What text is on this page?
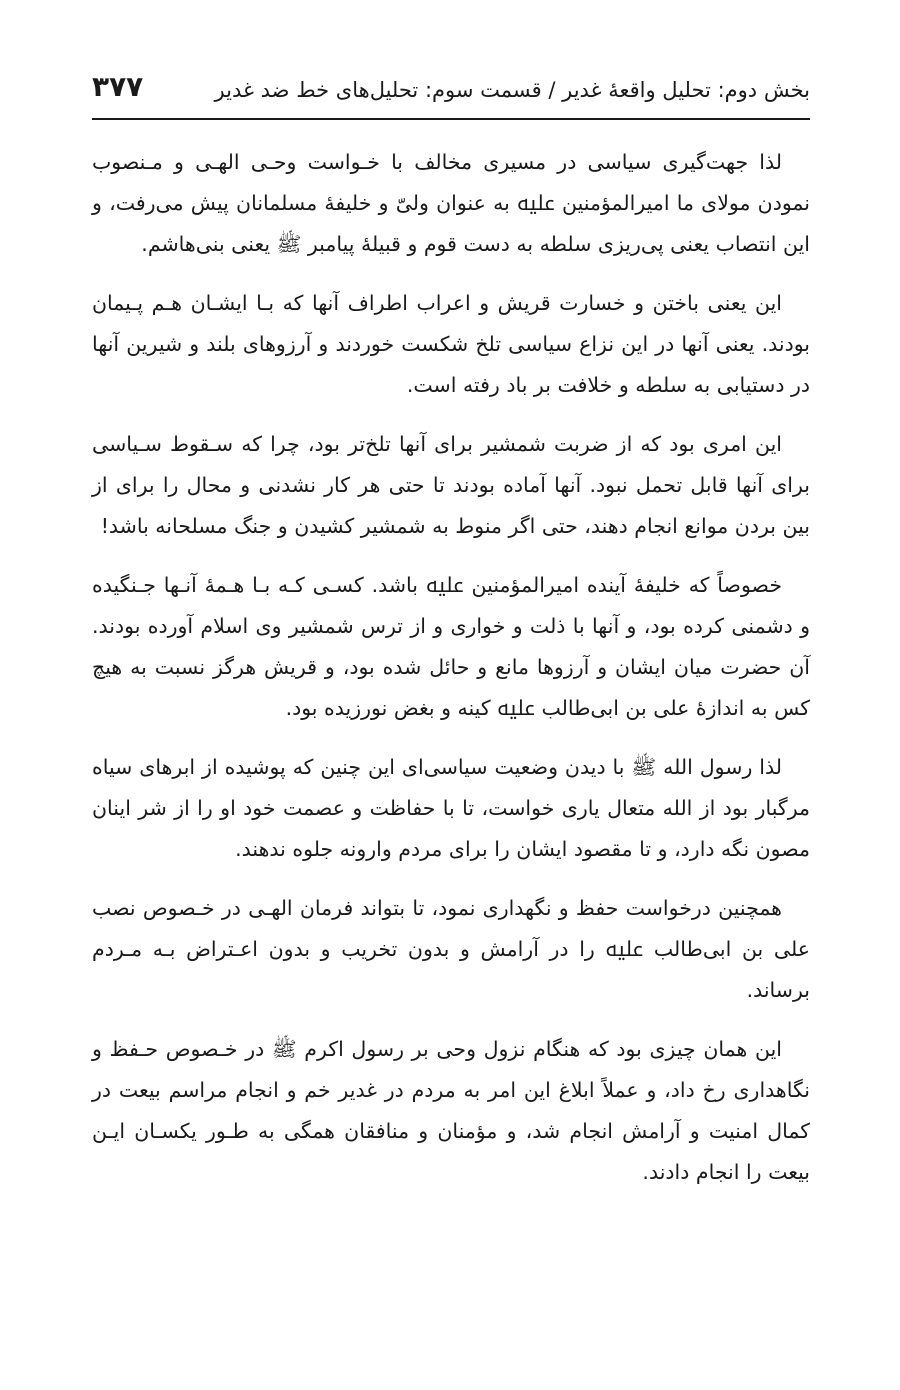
بخش دوم: تحلیل واقعهٔ غدیر / قسمت سوم: تحلیل‌های خط ضد غدیر
۳۷۷

لذا جهت‌گیری سیاسی در مسیری مخالف با خـواست وحـی الهـی و مـنصوب نمودن مولای ما امیرالمؤمنین ﷷ به عنوان ولیّ و خلیفهٔ مسلمانان پیش می‌رفت، و این انتصاب یعنی پی‌ریزی سلطه به دست قوم و قبیلهٔ پیامبر ﷺ یعنی بنی‌هاشم.

این یعنی باختن و خسارت قریش و اعراب اطراف آنها که بـا ایشـان هـم پـیمان بودند. یعنی آنها در این نزاع سیاسی تلخ شکست خوردند و آرزوهای بلند و شیرین آنها در دستیابی به سلطه و خلافت بر باد رفته است.

این امری بود که از ضربت شمشیر برای آنها تلخ‌تر بود، چرا که سـقوط سـیاسی برای آنها قابل تحمل نبود. آنها آماده بودند تا حتی هر کار نشدنی و محال را برای از بین بردن موانع انجام دهند، حتی اگر منوط به شمشیر کشیدن و جنگ مسلحانه باشد!

خصوصاً که خلیفهٔ آینده امیرالمؤمنین ﷷ باشد. کسـی کـه بـا هـمهٔ آنـها جـنگیده و دشمنی کرده بود، و آنها با ذلت و خواری و از ترس شمشیر وی اسلام آورده بودند. آن حضرت میان ایشان و آرزوها مانع و حائل شده بود، و قریش هرگز نسبت به هیچ کس به اندازهٔ علی بن ابی‌طالب ﷷ کینه و بغض نورزیده بود.

لذا رسول الله ﷺ با دیدن وضعیت سیاسی‌ای این چنین که پوشیده از ابرهای سیاه مرگبار بود از الله متعال یاری خواست، تا با حفاظت و عصمت خود او را از شر اینان مصون نگه دارد، و تا مقصود ایشان را برای مردم وارونه جلوه ندهند.

همچنین درخواست حفظ و نگهداری نمود، تا بتواند فرمان الهـی در خـصوص نصب علی بن ابی‌طالب ﷷ را در آرامش و بدون تخریب و بدون اعـتراض بـه مـردم برساند.

این همان چیزی بود که هنگام نزول وحی بر رسول اکرم ﷺ در خـصوص حـفظ و نگاهداری رخ داد، و عملاً ابلاغ این امر به مردم در غدیر خم و انجام مراسم بیعت در کمال امنیت و آرامش انجام شد، و مؤمنان و منافقان همگی به طـور یکسـان ایـن بیعت را انجام دادند.
